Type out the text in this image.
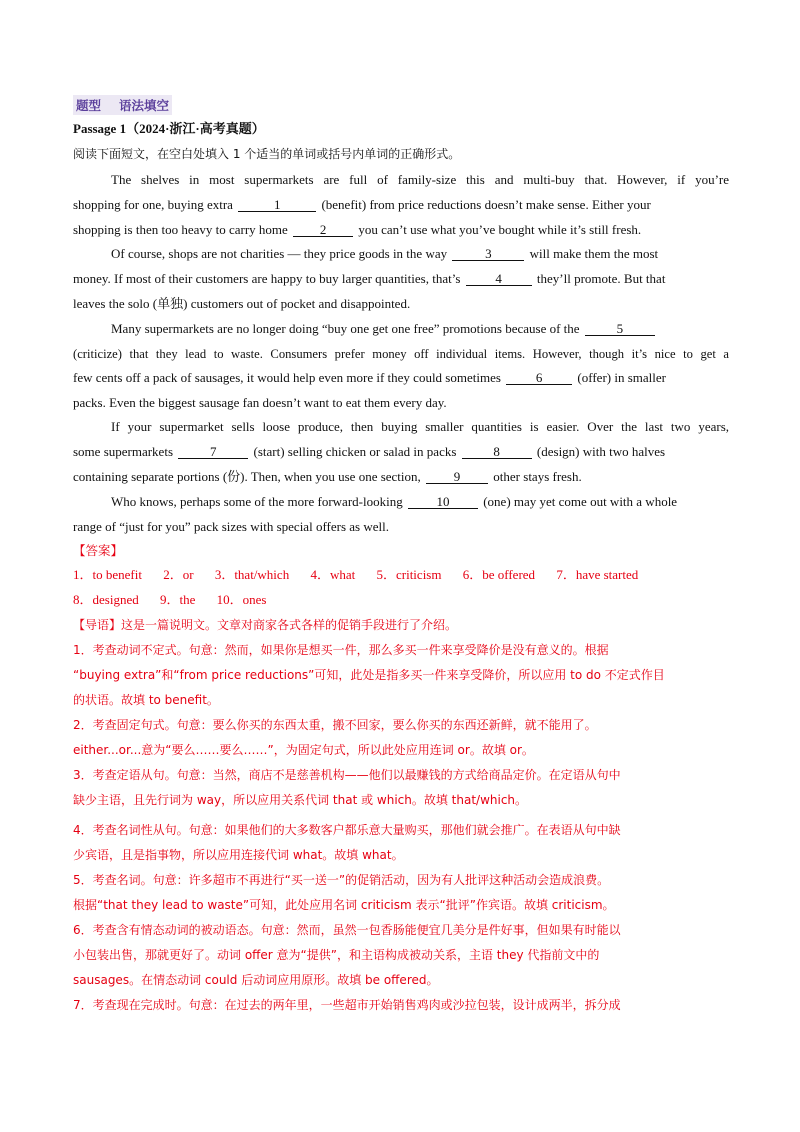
题型 语法填空
Passage 1（2024·浙江·高考真题）
阅读下面短文，在空白处填入 1 个适当的单词或括号内单词的正确形式。
The shelves in most supermarkets are full of family-size this and multi-buy that. However, if you’re
shopping for one, buying extra	1	(benefit) from price reductions doesn’t make sense. Either your
shopping is then too heavy to carry home 2 you can’t use what you’ve bought while it’s still fresh.
Of course, shops are not charities — they price goods in the way	3	will make them the most
money. If most of their customers are happy to buy larger quantities, that’s	4	they’ll promote. But that
leaves the solo (单独) customers out of pocket and disappointed.
Many supermarkets are no longer doing “buy one get one free” promotions because of the	5
(criticize) that they lead to waste. Consumers prefer money off individual items. However, though it’s nice to get a
few cents off a pack of sausages, it would help even more if they could sometimes	6	(offer) in smaller
packs. Even the biggest sausage fan doesn’t want to eat them every day.
If your supermarket sells loose produce, then buying smaller quantities is easier. Over the last two years,
some supermarkets	7	(start) selling chicken or salad in packs	8	(design) with two halves
containing separate portions (份). Then, when you use one section,	9	other stays fresh.
Who knows, perhaps some of the more forward-looking	10	(one) may yet come out with a whole
range of “just for you” pack sizes with special offers as well.
【答案】
1．to benefit 2．or 3．that/which 4．what 5．criticism 6．be offered 7．have started
8．designed 9．the 10．ones
【导语】这是一篇说明文。文章对商家各式各样的促销手段进行了介绍。
1．考查动词不定式。句意：然而，如果你是想买一件，那么多买一件来享受降价是没有意义的。根据
“buying extra”和“from price reductions”可知，此处是指多买一件来享受降价，所以应用 to do 不定式作目
的状语。故填 to benefit。
2．考查固定句式。句意：要么你买的东西太重，搬不回家，要么你买的东西还新鲜，就不能用了。
either...or...意为“要么……要么……”，为固定句式，所以此处应用连词 or。故填 or。
3．考查定语从句。句意：当然，商店不是慈善机构——他们以最赚钱的方式给商品定价。在定语从句中
缺少主语，且先行词为 way，所以应用关系代词 that 或 which。故填 that/which。
4．考查名词性从句。句意：如果他们的大多数客户都乐意大量购买，那他们就会推广。在表语从句中缺
少宾语，且是指事物，所以应用连接代词 what。故填 what。
5．考查名词。句意：许多超市不再进行“买一送一”的促销活动，因为有人批评这种活动会造成浪费。
根据“that they lead to waste”可知，此处应用名词 criticism 表示“批评”作宾语。故填 criticism。
6．考查含有情态动词的被动语态。句意：然而，虽然一包香肠能便宜几美分是件好事，但如果有时能以
小包装出售，那就更好了。动词 offer 意为“提供”，和主语构成被动关系，主语 they 代指前文中的
sausages。在情态动词 could 后动词应用原形。故填 be offered。
7．考查现在完成时。句意：在过去的两年里，一些超市开始销售鸡肉或沙拉包装，设计成两半，拆分成
